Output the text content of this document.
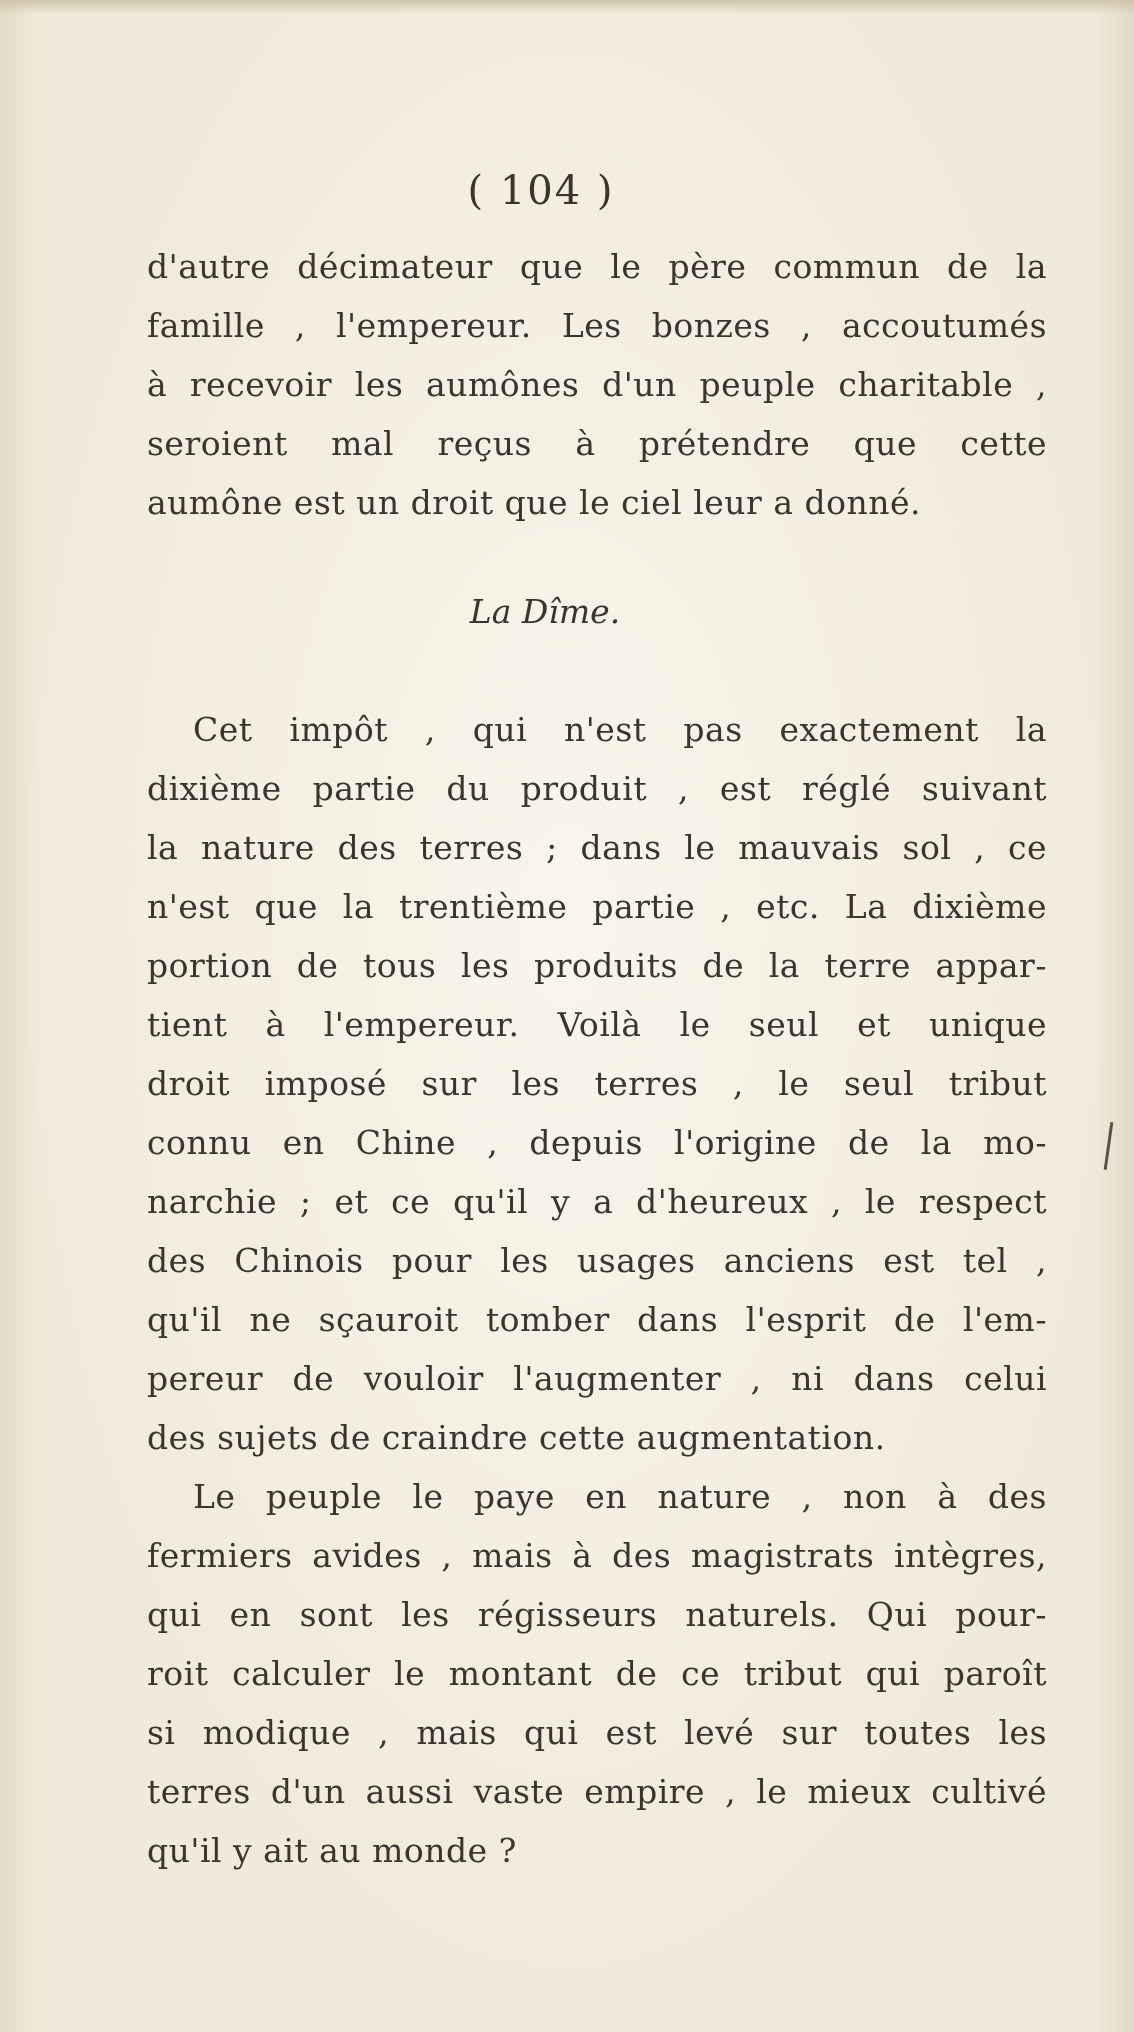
( 104 )
d'autre décimateur que le père commun de la
famille , l'empereur. Les bonzes , accoutumés
à recevoir les aumônes d'un peuple charitable ,
seroient mal reçus à prétendre que cette
aumône est un droit que le ciel leur a donné.
La Dîme.
Cet impôt , qui n'est pas exactement la
dixième partie du produit , est réglé suivant
la nature des terres ; dans le mauvais sol , ce
n'est que la trentième partie , etc. La dixième
portion de tous les produits de la terre appar-
tient à l'empereur. Voilà le seul et unique
droit imposé sur les terres , le seul tribut
connu en Chine , depuis l'origine de la mo-
narchie ; et ce qu'il y a d'heureux , le respect
des Chinois pour les usages anciens est tel ,
qu'il ne sçauroit tomber dans l'esprit de l'em-
pereur de vouloir l'augmenter , ni dans celui
des sujets de craindre cette augmentation.
Le peuple le paye en nature , non à des
fermiers avides , mais à des magistrats intègres,
qui en sont les régisseurs naturels. Qui pour-
roit calculer le montant de ce tribut qui paroît
si modique , mais qui est levé sur toutes les
terres d'un aussi vaste empire , le mieux cultivé
qu'il y ait au monde ?
